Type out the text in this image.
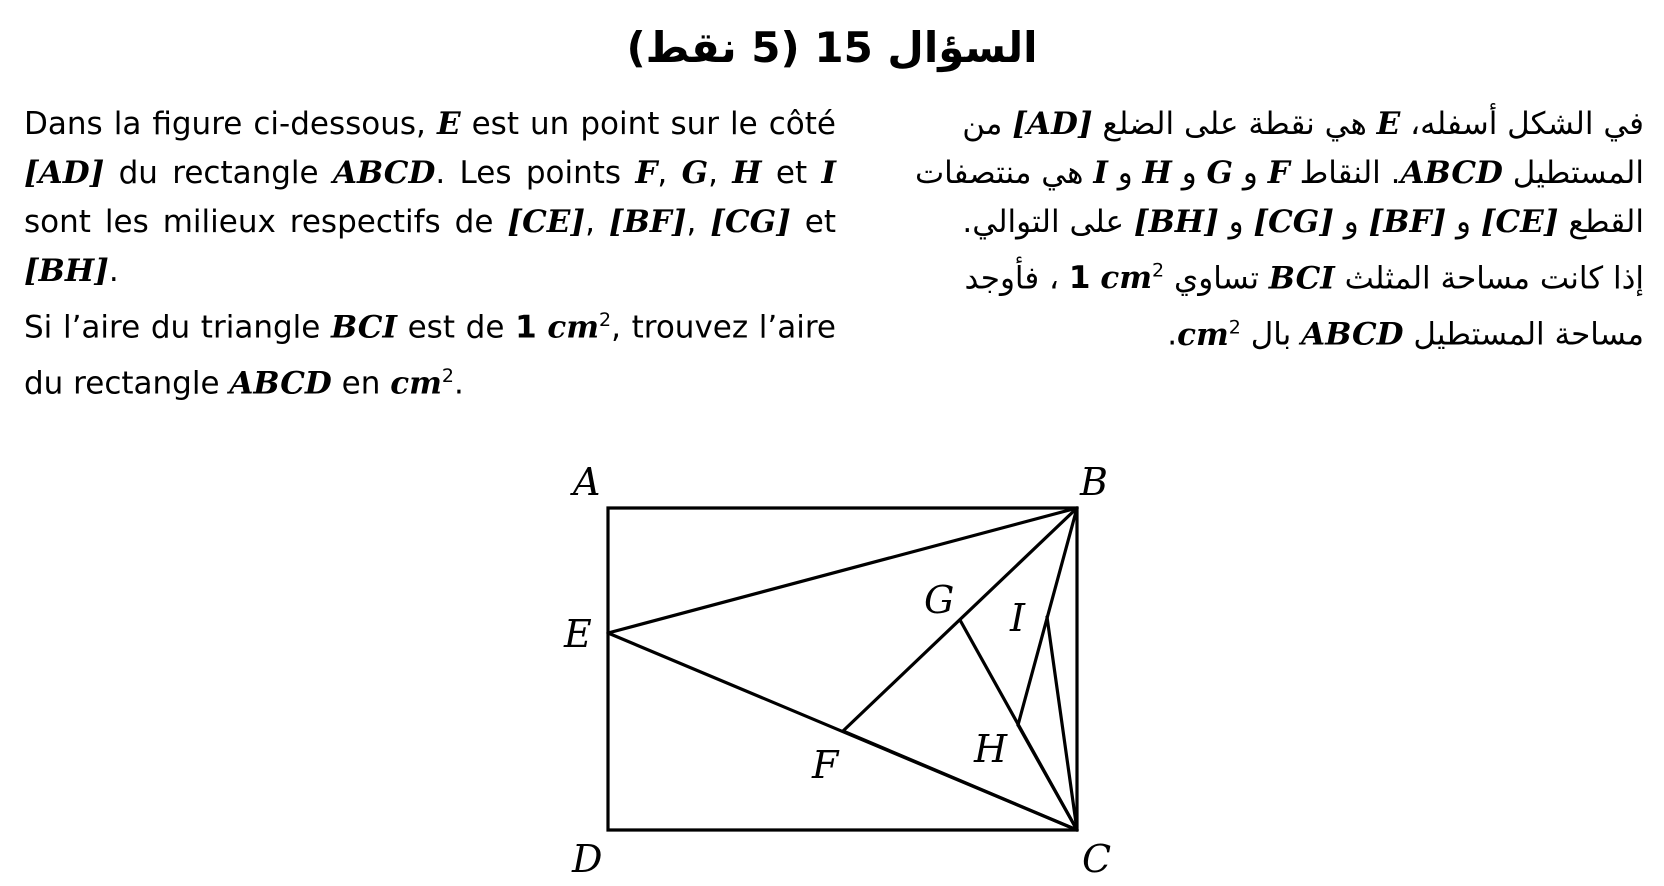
السؤال 15 (5 نقط)

Dans la figure ci-dessous, E est un point sur le côté [AD] du rectangle ABCD. Les points F, G, H et I sont les milieux respectifs de [CE], [BF], [CG] et [BH].

Si l’aire du triangle BCI est de 1 $cm^2$, trouvez l’aire du rectangle ABCD en $cm^2$.

في الشكل أسفله، E هي نقطة على الضلع [AD] من المستطيل ABCD. النقاط F و G و H و I هي منتصفات القطع [CE] و [BF] و [CG] و [BH] على التوالي.

إذا كانت مساحة المثلث BCI تساوي 1 $cm^2$ ، فأوجد مساحة المستطيل ABCD بال $cm^2$.

A	B
C
D
E
F
G
H
I
